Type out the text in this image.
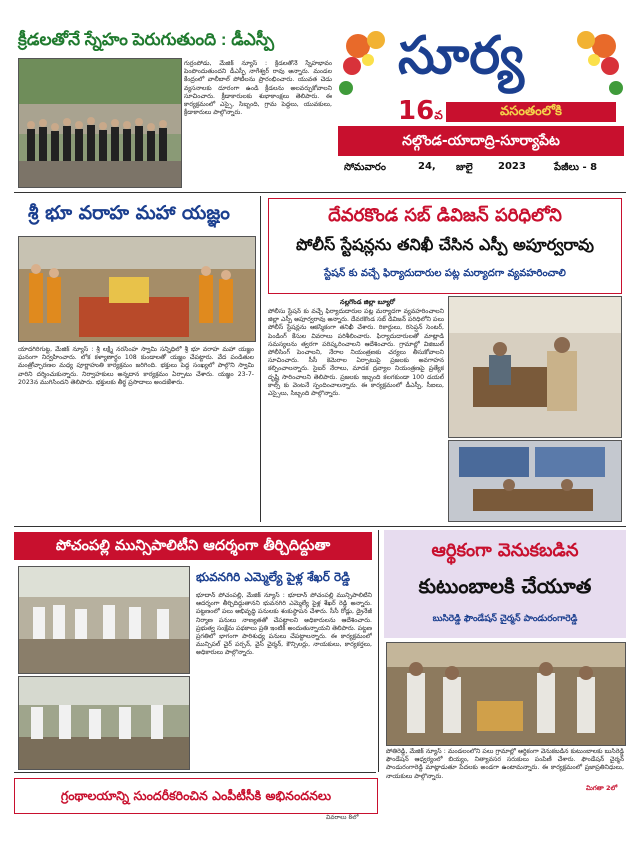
క్రీడలతోనే స్నేహం పెరుగుతుంది : డీఎస్పీ
గుర్రంపోడు, మేజిక్ న్యూస్ : క్రీడలతోనే స్నేహభావం పెంపొందుతుందని డీఎస్పీ నాగేశ్వర్ రావు అన్నారు. మండల కేంద్రంలో వాలీబాల్ పోటీలను ప్రారంభించారు. యువత చెడు వ్యసనాలకు దూరంగా ఉండి క్రీడలను అలవర్చుకోవాలని సూచించారు. క్రీడాకారులకు శుభాకాంక్షలు తెలిపారు. ఈ కార్యక్రమంలో ఎస్సై, సిబ్బంది, గ్రామ పెద్దలు, యువకులు, క్రీడాకారులు పాల్గొన్నారు.
సూర్య
16వ	వసంతంలోకి
నల్గొండ-యాదాద్రి-సూర్యాపేట
సోమవారం	24, జులై	2023	పేజీలు - 8
శ్రీ భూ వరాహ మహా యజ్ఞం
యాదగిరిగుట్ట, మేజిక్ న్యూస్ : శ్రీ లక్ష్మీ నరసింహ స్వామి సన్నిధిలో శ్రీ భూ వరాహ మహా యజ్ఞం ఘనంగా నిర్వహించారు. లోక కళ్యాణార్థం 108 కుండాలతో యజ్ఞం చేపట్టారు. వేద పండితుల మంత్రోచ్ఛారణల మధ్య పూర్ణాహుతి కార్యక్రమం జరిగింది. భక్తులు పెద్ద సంఖ్యలో పాల్గొని స్వామి వారిని దర్శించుకున్నారు. నిర్వాహకులు అన్నదాన కార్యక్రమం ఏర్పాటు చేశారు. యజ్ఞం 23-7-2023న ముగిసిందని తెలిపారు. భక్తులకు తీర్థ ప్రసాదాలు అందజేశారు.
దేవరకొండ సబ్ డివిజన్ పరిధిలోని
పోలీస్ స్టేషన్లను తనిఖీ చేసిన ఎస్పీ అపూర్వరావు
స్టేషన్ కు వచ్చే ఫిర్యాదుదారుల పట్ల మర్యాదగా వ్యవహరించాలి
నల్లగొండ జిల్లా బ్యూరో
పోలీసు స్టేషన్ కు వచ్చే ఫిర్యాదుదారుల పట్ల మర్యాదగా వ్యవహరించాలని జిల్లా ఎస్పీ అపూర్వరావు అన్నారు. దేవరకొండ సబ్ డివిజన్ పరిధిలోని పలు పోలీస్ స్టేషన్లను ఆకస్మికంగా తనిఖీ చేశారు. రికార్డులు, రిసెప్షన్ సెంటర్, పెండింగ్ కేసుల వివరాలు పరిశీలించారు. ఫిర్యాదుదారులతో మాట్లాడి సమస్యలను త్వరగా పరిష్కరించాలని ఆదేశించారు. గ్రామాల్లో విజిబుల్ పోలీసింగ్ పెంచాలని, నేరాల నియంత్రణకు చర్యలు తీసుకోవాలని సూచించారు. సీసీ కెమెరాల ఏర్పాటుపై ప్రజలకు అవగాహన కల్పించాలన్నారు. సైబర్ నేరాలు, మాదక ద్రవ్యాల నియంత్రణపై ప్రత్యేక దృష్టి సారించాలని తెలిపారు. ప్రజలకు ఇబ్బంది కలగకుండా 100 డయల్ కాల్స్ కు వెంటనే స్పందించాలన్నారు. ఈ కార్యక్రమంలో డీఎస్పీ, సీఐలు, ఎస్సైలు, సిబ్బంది పాల్గొన్నారు.
పోచంపల్లి మున్సిపాలిటీని ఆదర్శంగా తీర్చిదిద్దుతా
భువనగిరి ఎమ్మెల్యే పైళ్ల శేఖర్ రెడ్డి
భూదాన్ పోచంపల్లి, మేజిక్ న్యూస్ : భూదాన్ పోచంపల్లి మున్సిపాలిటీని ఆదర్శంగా తీర్చిదిద్దుతానని భువనగిరి ఎమ్మెల్యే పైళ్ల శేఖర్ రెడ్డి అన్నారు. పట్టణంలో పలు అభివృద్ధి పనులకు శంకుస్థాపన చేశారు. సీసీ రోడ్లు, డ్రైనేజీ నిర్మాణ పనులు నాణ్యతతో చేపట్టాలని అధికారులను ఆదేశించారు. ప్రభుత్వ సంక్షేమ పథకాలు ప్రతి ఇంటికీ అందుతున్నాయని తెలిపారు. పట్టణ ప్రగతిలో భాగంగా పారిశుధ్య పనులు చేపట్టాలన్నారు. ఈ కార్యక్రమంలో మున్సిపల్ చైర్ పర్సన్, వైస్ చైర్మన్, కౌన్సిలర్లు, నాయకులు, కార్యకర్తలు, అధికారులు పాల్గొన్నారు.
ఆర్థికంగా వెనుకబడిన
కుటుంబాలకి చేయూత
బుసిరెడ్డి ఫౌండేషన్ చైర్మన్ పాండురంగారెడ్డి
పోతిరెడ్డి, మేజిక్ న్యూస్ : మండలంలోని పలు గ్రామాల్లో ఆర్థికంగా వెనుకబడిన కుటుంబాలకు బుసిరెడ్డి ఫౌండేషన్ ఆధ్వర్యంలో బియ్యం, నిత్యావసర సరుకులు పంపిణీ చేశారు. ఫౌండేషన్ చైర్మన్ పాండురంగారెడ్డి మాట్లాడుతూ పేదలకు అండగా ఉంటామన్నారు. ఈ కార్యక్రమంలో ప్రజాప్రతినిధులు, నాయకులు పాల్గొన్నారు.
మిగతా 2లో
గ్రంథాలయాన్ని సుందరీకరించిన ఎంపీటీసీకి అభినందనలు
వివరాలు 8లో
